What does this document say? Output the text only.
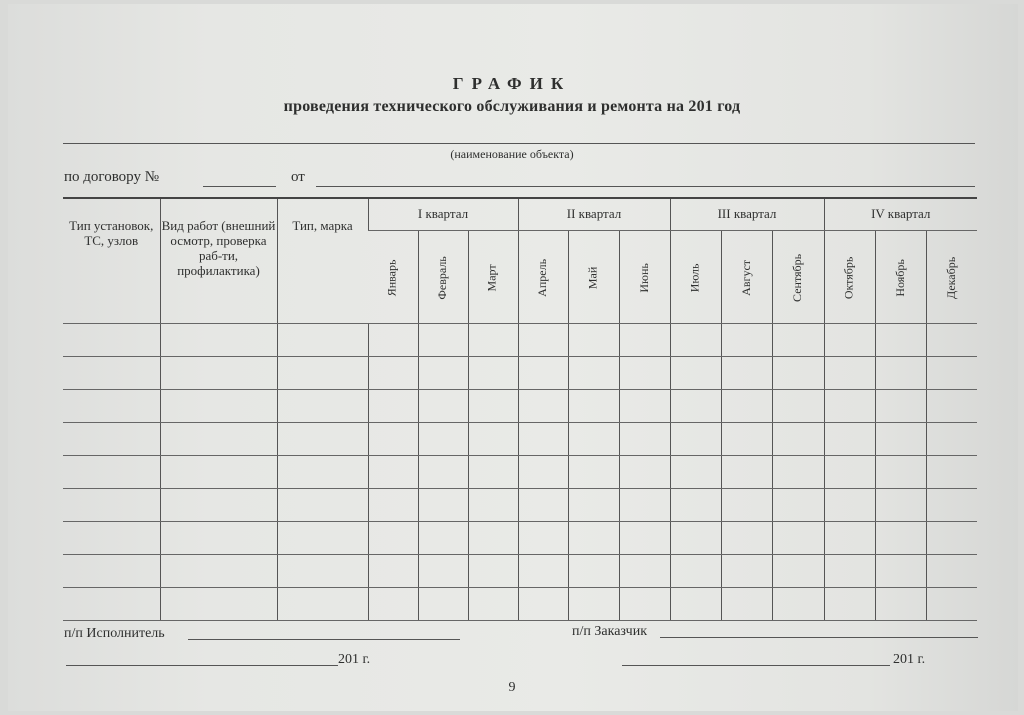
ГРАФИК
проведения технического обслуживания и ремонта на 201 год
(наименование объекта)
по договору №	от
Тип установок, ТС, узлов	Вид работ (внешний осмотр, проверка раб-ти, профилактика)	Тип, марка	I квартал			II квартал			III квартал			IV квартал		
			Январь	Февраль	Март	Апрель	Май	Июнь	Июль	Август	Сентябрь	Октябрь	Ноябрь	Декабрь

п/п Исполнитель
201 г.
п/п Заказчик
201 г.
9
